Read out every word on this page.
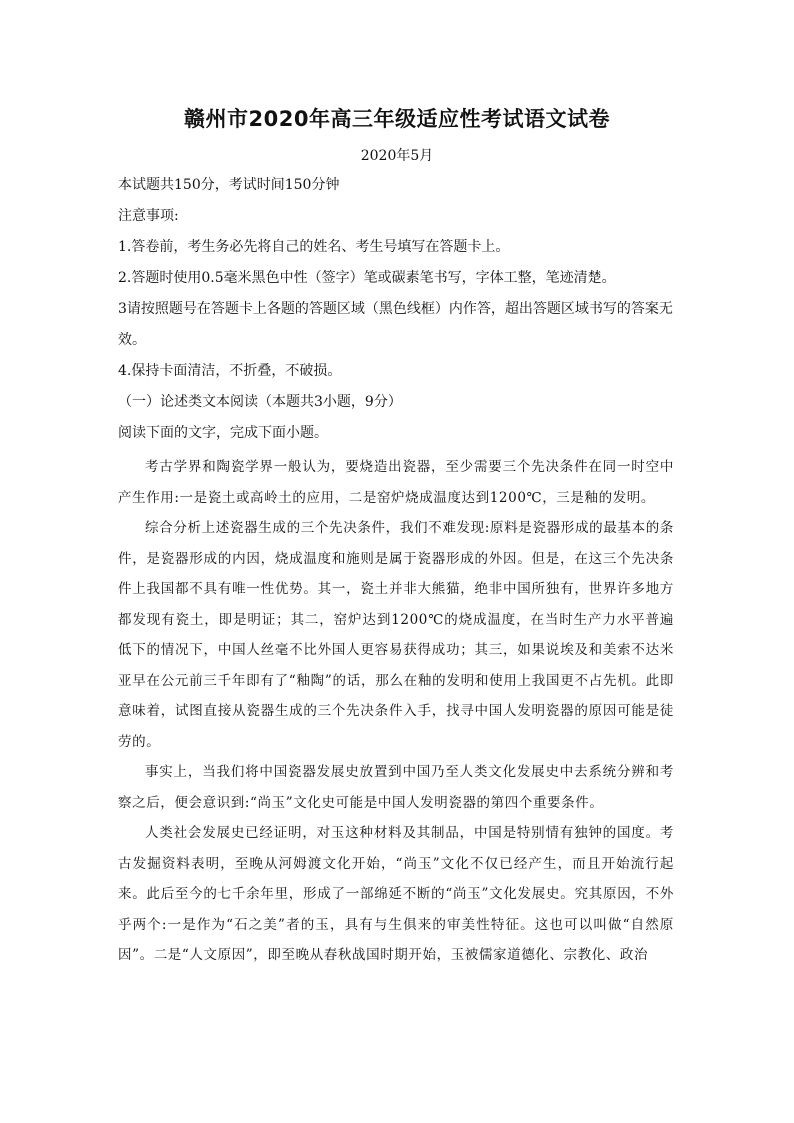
赣州市2020年高三年级适应性考试语文试卷
2020年5月

本试题共150分，考试时间150分钟

注意事项:

1.答卷前，考生务必先将自己的姓名、考生号填写在答题卡上。

2.答题时使用0.5毫米黑色中性（签字）笔或碳素笔书写，字体工整，笔迹清楚。

3请按照题号在答题卡上各题的答题区域（黑色线框）内作答，超出答题区域书写的答案无效。

4.保持卡面清洁，不折叠，不破损。

（一）论述类文本阅读（本题共3小题，9分）

阅读下面的文字，完成下面小题。

考古学界和陶瓷学界一般认为，要烧造出瓷器，至少需要三个先决条件在同一时空中产生作用:一是瓷土或高岭土的应用，二是窑炉烧成温度达到1200℃，三是釉的发明。

综合分析上述瓷器生成的三个先决条件，我们不难发现:原料是瓷器形成的最基本的条件，是瓷器形成的内因，烧成温度和施则是属于瓷器形成的外因。但是，在这三个先决条件上我国都不具有唯一性优势。其一，瓷土并非大熊猫，绝非中国所独有，世界许多地方都发现有瓷土，即是明证；其二，窑炉达到1200℃的烧成温度，在当时生产力水平普遍低下的情况下，中国人丝毫不比外国人更容易获得成功；其三，如果说埃及和美索不达米亚早在公元前三千年即有了“釉陶”的话，那么在釉的发明和使用上我国更不占先机。此即意味着，试图直接从瓷器生成的三个先决条件入手，找寻中国人发明瓷器的原因可能是徒劳的。

事实上，当我们将中国瓷器发展史放置到中国乃至人类文化发展史中去系统分辨和考察之后，便会意识到:“尚玉”文化史可能是中国人发明瓷器的第四个重要条件。

人类社会发展史已经证明，对玉这种材料及其制品，中国是特别情有独钟的国度。考古发掘资料表明，至晚从河姆渡文化开始，“尚玉”文化不仅已经产生，而且开始流行起来。此后至今的七千余年里，形成了一部绵延不断的“尚玉”文化发展史。究其原因，不外乎两个:一是作为“石之美”者的玉，具有与生俱来的审美性特征。这也可以叫做“自然原因”。二是“人文原因”，即至晚从春秋战国时期开始，玉被儒家道德化、宗教化、政治
